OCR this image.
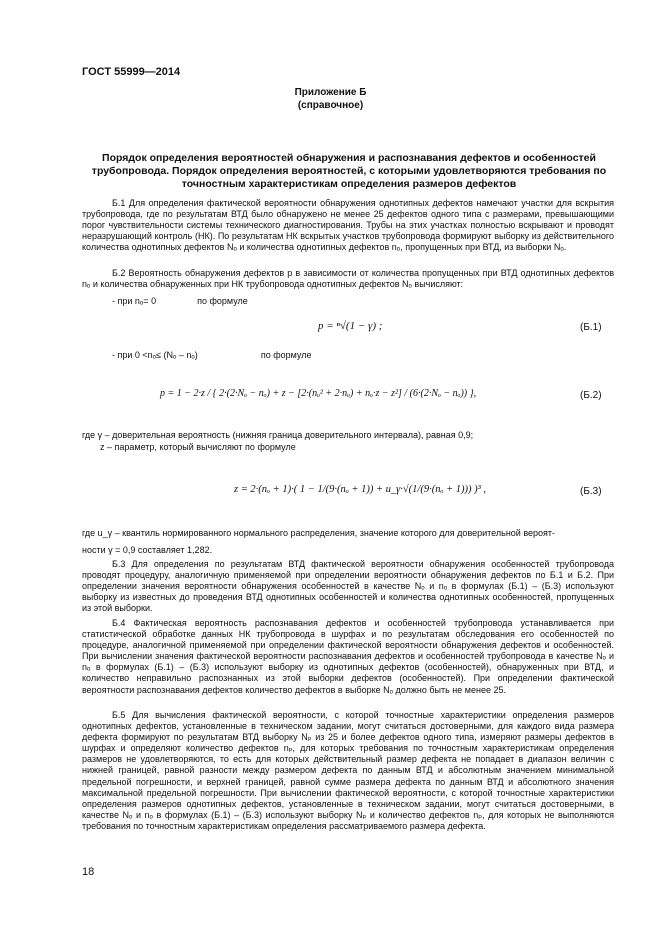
ГОСТ 55999—2014
Приложение Б
(справочное)
Порядок определения вероятностей обнаружения и распознавания дефектов и особенностей трубопровода. Порядок определения вероятностей, с которыми удовлетворяются требования по точностным характеристикам определения размеров дефектов

Б.1 Для определения фактической вероятности обнаружения однотипных дефектов намечают участки для вскрытия трубопровода, где по результатам ВТД было обнаружено не менее 25 дефектов одного типа с размерами, превышающими порог чувствительности системы технического диагностирования. Трубы на этих участках полностью вскрывают и проводят неразрушающий контроль (НК). По результатам НК вскрытых участков трубопровода формируют выборку из действительного количества однотипных дефектов Nₒ и количества однотипных дефектов nₒ, пропущенных при ВТД, из выборки Nₒ.

Б.2 Вероятность обнаружения дефектов p в зависимости от количества пропущенных при ВТД однотипных дефектов nₒ и количества обнаруженных при НК трубопровода однотипных дефектов Nₒ вычисляют:

- при nₒ= 0	по формуле
p = ⁿ√(1 − γ) ;	(Б.1)
- при 0 <nₒ≤ (Nₒ – nₒ)	по формуле
p = 1 − 2·z / { 2·(2·Nₒ − nₒ) + z − [2·(nₒ² + 2·nₒ) + nₒ·z − z²] / (6·(2·Nₒ − nₒ)) },	(Б.2)
где γ – доверительная вероятность (нижняя граница доверительного интервала), равная 0,9;
z – параметр, который вычисляют по формуле
z = 2·(nₒ + 1)·( 1 − 1/(9·(nₒ + 1)) + u_γ·√(1/(9·(nₒ + 1))) )³ ,	(Б.3)
где u_γ – квантиль нормированного нормального распределения, значение которого для доверительной вероят-
ности γ = 0,9 составляет 1,282.

Б.3 Для определения по результатам ВТД фактической вероятности обнаружения особенностей трубопровода проводят процедуру, аналогичную применяемой при определении вероятности обнаружения дефектов по Б.1 и Б.2. При определении значения вероятности обнаружения особенностей в качестве Nₒ и nₒ в формулах (Б.1) – (Б.3) используют выборку из известных до проведения ВТД однотипных особенностей и количества однотипных особенностей, пропущенных из этой выборки.

Б.4 Фактическая вероятность распознавания дефектов и особенностей трубопровода устанавливается при статистической обработке данных НК трубопровода в шурфах и по результатам обследования его особенностей по процедуре, аналогичной применяемой при определении фактической вероятности обнаружения дефектов и особенностей. При вычислении значения фактической вероятности распознавания дефектов и особенностей трубопровода в качестве Nₒ и nₒ в формулах (Б.1) – (Б.3) используют выборку из однотипных дефектов (особенностей), обнаруженных при ВТД, и количество неправильно распознанных из этой выборки дефектов (особенностей). При определении фактической вероятности распознавания дефектов количество дефектов в выборке Nₒ должно быть не менее 25.

Б.5 Для вычисления фактической вероятности, с которой точностные характеристики определения размеров однотипных дефектов, установленные в техническом задании, могут считаться достоверными, для каждого вида размера дефекта формируют по результатам ВТД выборку Nₚ из 25 и более дефектов одного типа, измеряют размеры дефектов в шурфах и определяют количество дефектов nₚ, для которых требования по точностным характеристикам определения размеров не удовлетворяются, то есть для которых действительный размер дефекта не попадает в диапазон величин с нижней границей, равной разности между размером дефекта по данным ВТД и абсолютным значением минимальной предельной погрешности, и верхней границей, равной сумме размера дефекта по данным ВТД и абсолютного значения максимальной предельной погрешности. При вычислении фактической вероятности, с которой точностные характеристики определения размеров однотипных дефектов, установленные в техническом задании, могут считаться достоверными, в качестве Nₒ и nₒ в формулах (Б.1) – (Б.3) используют выборку Nₚ и количество дефектов nₚ, для которых не выполняются требования по точностным характеристикам определения рассматриваемого размера дефекта.

18
